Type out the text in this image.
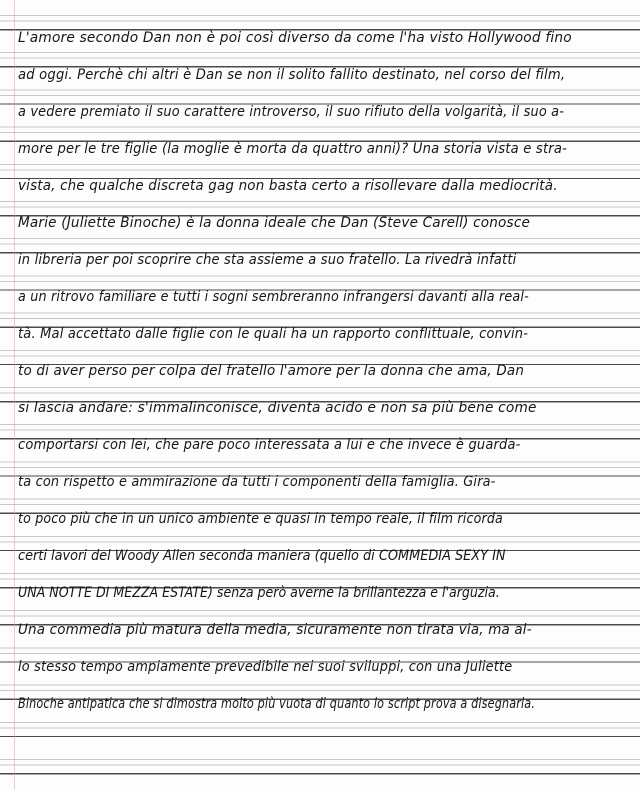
L'amore secondo Dan non è poi così diverso da come l'ha visto Hollywood fino
ad oggi. Perchè chi altri è Dan se non il solito fallito destinato, nel corso del film,
a vedere premiato il suo carattere introverso, il suo rifiuto della volgarità, il suo a-
more per le tre figlie (la moglie è morta da quattro anni)? Una storia vista e stra-
vista, che qualche discreta gag non basta certo a risollevare dalla mediocrità.
Marie (Juliette Binoche) è la donna ideale che Dan (Steve Carell) conosce
in libreria per poi scoprire che sta assieme a suo fratello. La rivedrà infatti
a un ritrovo familiare e tutti i sogni sembreranno infrangersi davanti alla real-
tà. Mal accettato dalle figlie con le quali ha un rapporto conflittuale, convin-
to di aver perso per colpa del fratello l'amore per la donna che ama, Dan
si lascia andare: s'immalinconisce, diventa acido e non sa più bene come
comportarsi con lei, che pare poco interessata a lui e che invece è guarda-
ta con rispetto e ammirazione da tutti i componenti della famiglia. Gira-
to poco più che in un unico ambiente e quasi in tempo reale, il film ricorda
certi lavori del Woody Allen seconda maniera (quello di COMMEDIA SEXY IN
UNA NOTTE DI MEZZA ESTATE) senza però averne la brillantezza e l'arguzia.
Una commedia più matura della media, sicuramente non tirata via, ma al-
lo stesso tempo ampiamente prevedibile nei suoi sviluppi, con una Juliette
Binoche antipatica che si dimostra molto più vuota di quanto lo script prova a disegnarla.
